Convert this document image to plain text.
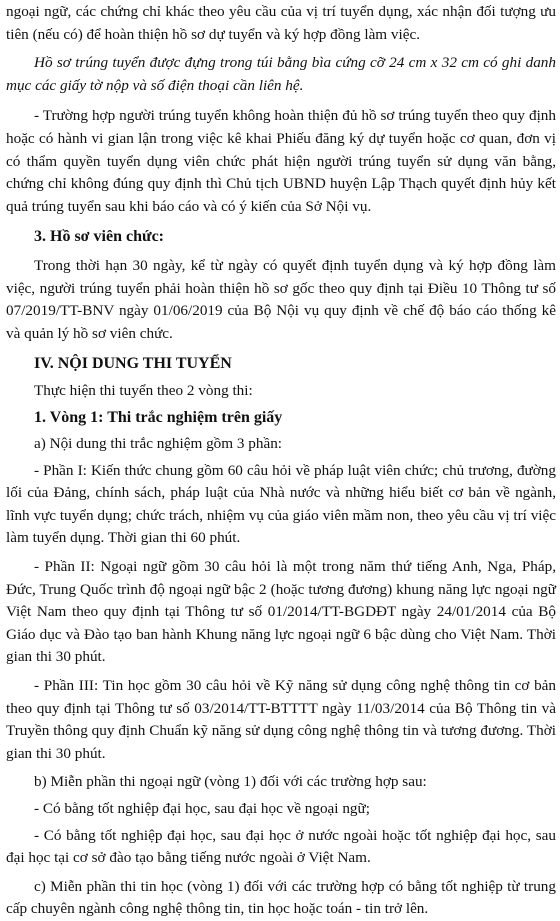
ngoại ngữ, các chứng chỉ khác theo yêu cầu của vị trí tuyển dụng, xác nhận đối tượng ưu tiên (nếu có) để hoàn thiện hồ sơ dự tuyển và ký hợp đồng làm việc.

Hồ sơ trúng tuyển được đựng trong túi bằng bìa cứng cỡ 24 cm x 32 cm có ghi danh mục các giấy tờ nộp và số điện thoại cần liên hệ.

- Trường hợp người trúng tuyển không hoàn thiện đủ hồ sơ trúng tuyển theo quy định hoặc có hành vi gian lận trong việc kê khai Phiếu đăng ký dự tuyển hoặc cơ quan, đơn vị có thẩm quyền tuyển dụng viên chức phát hiện người trúng tuyển sử dụng văn bằng, chứng chỉ không đúng quy định thì Chủ tịch UBND huyện Lập Thạch quyết định hủy kết quả trúng tuyển sau khi báo cáo và có ý kiến của Sở Nội vụ.

3. Hồ sơ viên chức:

Trong thời hạn 30 ngày, kể từ ngày có quyết định tuyển dụng và ký hợp đồng làm việc, người trúng tuyển phải hoàn thiện hồ sơ gốc theo quy định tại Điều 10 Thông tư số 07/2019/TT-BNV ngày 01/06/2019 của Bộ Nội vụ quy định về chế độ báo cáo thống kê và quản lý hồ sơ viên chức.

IV. NỘI DUNG THI TUYỂN

Thực hiện thi tuyển theo 2 vòng thi:

1. Vòng 1: Thi trắc nghiệm trên giấy

a) Nội dung thi trắc nghiệm gồm 3 phần:

- Phần I: Kiến thức chung gồm 60 câu hỏi về pháp luật viên chức; chủ trương, đường lối của Đảng, chính sách, pháp luật của Nhà nước và những hiểu biết cơ bản về ngành, lĩnh vực tuyển dụng; chức trách, nhiệm vụ của giáo viên mầm non, theo yêu cầu vị trí việc làm tuyển dụng. Thời gian thi 60 phút.

- Phần II: Ngoại ngữ gồm 30 câu hỏi là một trong năm thứ tiếng Anh, Nga, Pháp, Đức, Trung Quốc trình độ ngoại ngữ bậc 2 (hoặc tương đương) khung năng lực ngoại ngữ Việt Nam theo quy định tại Thông tư số 01/2014/TT-BGDĐT ngày 24/01/2014 của Bộ Giáo dục và Đào tạo ban hành Khung năng lực ngoại ngữ 6 bậc dùng cho Việt Nam. Thời gian thi 30 phút.

- Phần III: Tin học gồm 30 câu hỏi về Kỹ năng sử dụng công nghệ thông tin cơ bản theo quy định tại Thông tư số 03/2014/TT-BTTTT ngày 11/03/2014 của Bộ Thông tin và Truyền thông quy định Chuẩn kỹ năng sử dụng công nghệ thông tin và tương đương. Thời gian thi 30 phút.

b) Miễn phần thi ngoại ngữ (vòng 1) đối với các trường hợp sau:

- Có bằng tốt nghiệp đại học, sau đại học về ngoại ngữ;

- Có bằng tốt nghiệp đại học, sau đại học ở nước ngoài hoặc tốt nghiệp đại học, sau đại học tại cơ sở đào tạo bằng tiếng nước ngoài ở Việt Nam.

c) Miễn phần thi tin học (vòng 1) đối với các trường hợp có bằng tốt nghiệp từ trung cấp chuyên ngành công nghệ thông tin, tin học hoặc toán - tin trở lên.
